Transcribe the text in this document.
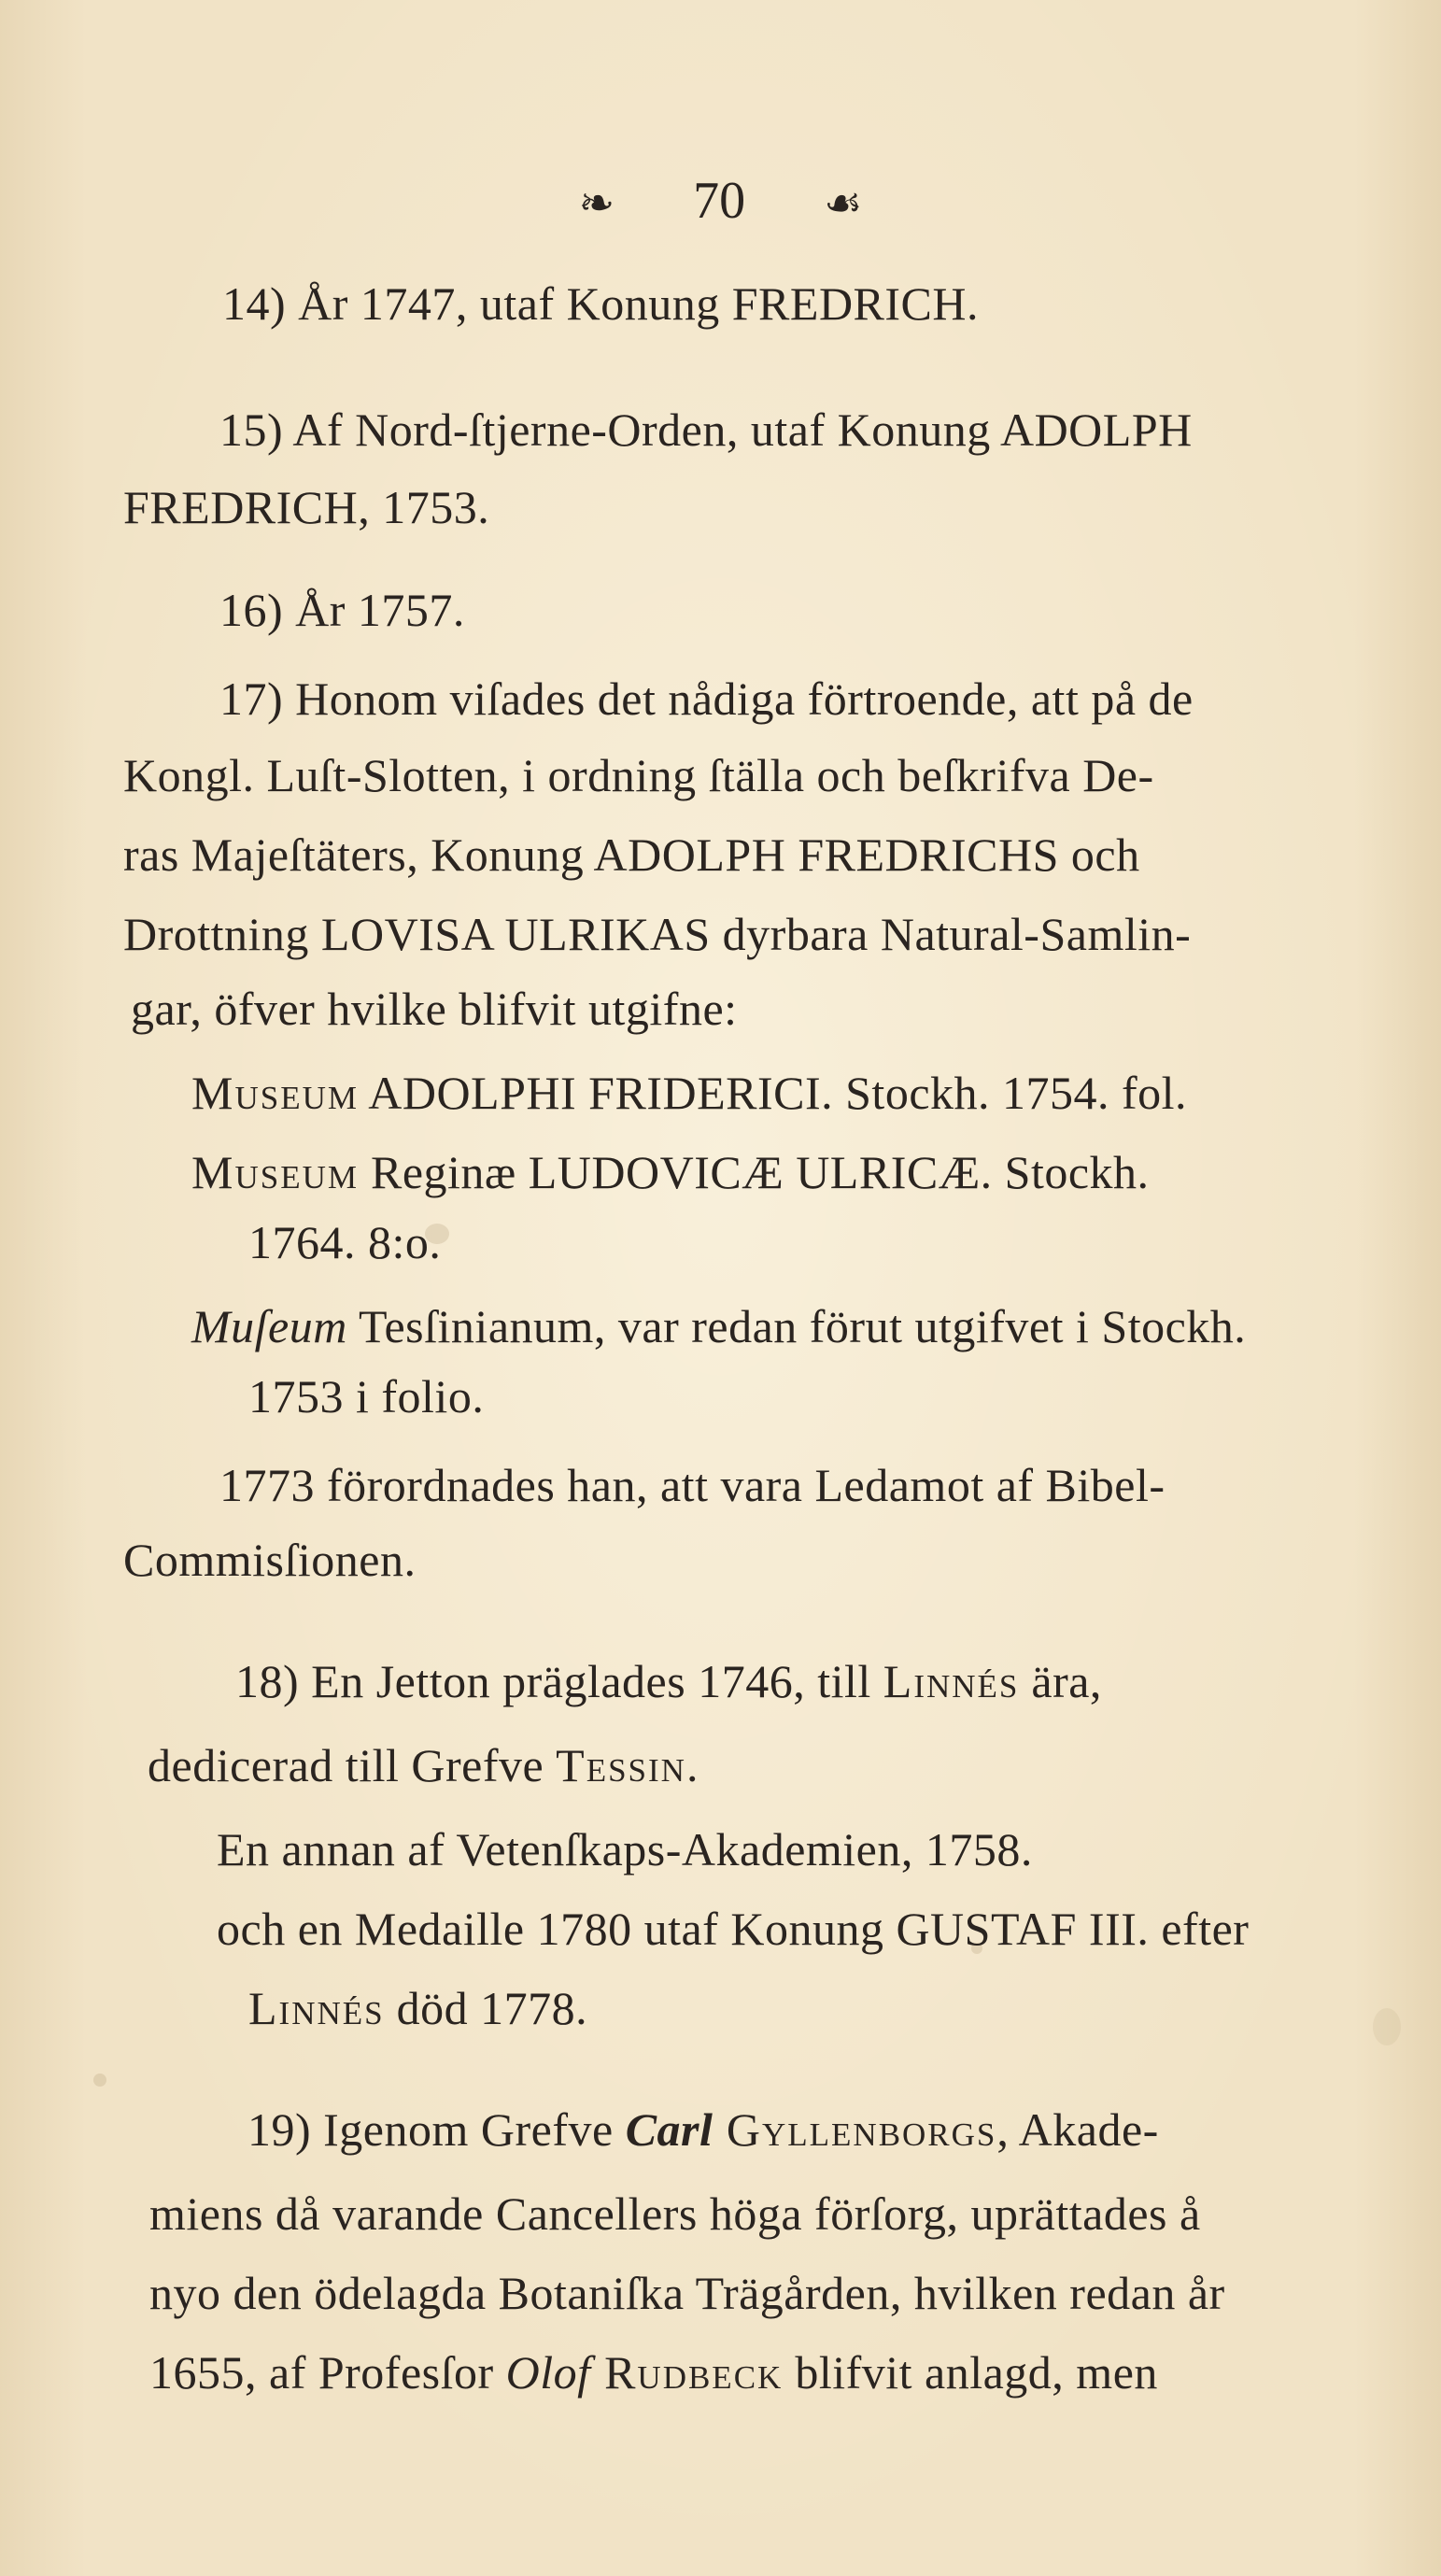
❧ 70 ☙
14) År 1747, utaf Konung FREDRICH.
15) Af Nord-ſtjerne-Orden, utaf Konung ADOLPH
FREDRICH, 1753.
16) År 1757.
17) Honom viſades det nådiga förtroende, att på de
Kongl. Luſt-Slotten, i ordning ſtälla och beſkrifva De-
ras Majeſtäters, Konung ADOLPH FREDRICHS och
Drottning LOVISA ULRIKAS dyrbara Natural-Samlin-
gar, öfver hvilke blifvit utgifne:
Museum ADOLPHI FRIDERICI. Stockh. 1754. fol.
Museum Reginæ LUDOVICÆ ULRICÆ. Stockh.
1764. 8:o.
Muſeum Tesſinianum, var redan förut utgifvet i Stockh.
1753 i folio.
1773 förordnades han, att vara Ledamot af Bibel-
Commisſionen.
18) En Jetton präglades 1746, till Linnés ära,
dedicerad till Grefve Tessin.
En annan af Vetenſkaps-Akademien, 1758.
och en Medaille 1780 utaf Konung GUSTAF III. efter
Linnés död 1778.
19) Igenom Grefve Carl Gyllenborgs, Akade-
miens då varande Cancellers höga förſorg, uprättades å
nyo den ödelagda Botaniſka Trägården, hvilken redan år
1655, af Profesſor Olof Rudbeck blifvit anlagd, men
